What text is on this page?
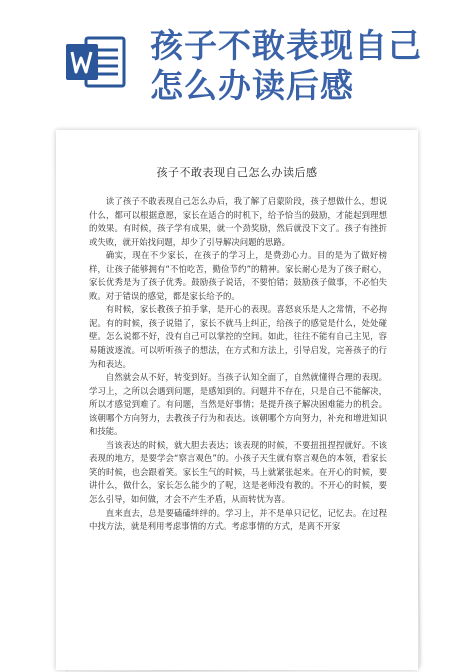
孩子不敢表现自己
怎么办读后感
孩子不敢表现自己怎么办读后感

读了孩子不敢表现自己怎么办后，我了解了启蒙阶段，孩子想做什么，想说什么，都可以根据意愿，家长在适合的时机下，给予恰当的鼓励，才能起到理想的效果。有时候，孩子学有成果，就一个劲奖励，然后就没下文了。孩子有挫折或失败，就开始找问题，却少了引导解决问题的思路。

确实，现在不少家长，在孩子的学习上，是费劲心力。目的是为了做好榜样，让孩子能够拥有“不怕吃苦，勤俭节约”的精神。家长耐心是为了孩子耐心，家长优秀是为了孩子优秀。鼓励孩子说话，不要怕错；鼓励孩子做事，不必怕失败。对于错误的感觉，都是家长给予的。

有时候，家长教孩子拍手掌，是开心的表现。喜怒哀乐是人之常情，不必拘泥。有的时候，孩子说错了，家长不就马上纠正，给孩子的感觉是什么，处处碰壁。怎么说都不好，没有自己可以掌控的空间。如此，往往不能有自己主见，容易随波逐流。可以听听孩子的想法，在方式和方法上，引导启发，完善孩子的行为和表达。

自然就会从不好，转变到好。当孩子认知全面了，自然就懂得合理的表现。学习上，之所以会遇到问题，是感知到的。问题并不存在，只是自己不能解决，所以才感觉到难了。有问题，当然是好事情；是提升孩子解决困难能力的机会。该朝哪个方向努力，去教孩子行为和表达。该朝哪个方向努力，补充和增进知识和技能。

当该表达的时候，就大胆去表达；该表现的时候，不要扭扭捏捏就好。不该表现的地方，是要学会“察言观色”的。小孩子天生就有察言观色的本领，看家长笑的时候，也会跟着笑。家长生气的时候，马上就紧张起来。在开心的时候，要讲什么，做什么，家长怎么能少的了呢，这是老师没有教的。不开心的时候，要怎么引导，如何做，才会不产生矛盾，从而转忧为喜。

直来直去，总是要磕磕绊绊的。学习上，并不是单只记忆，记忆去。在过程中找方法，就是利用考虑事情的方式。考虑事情的方式，是离不开家
